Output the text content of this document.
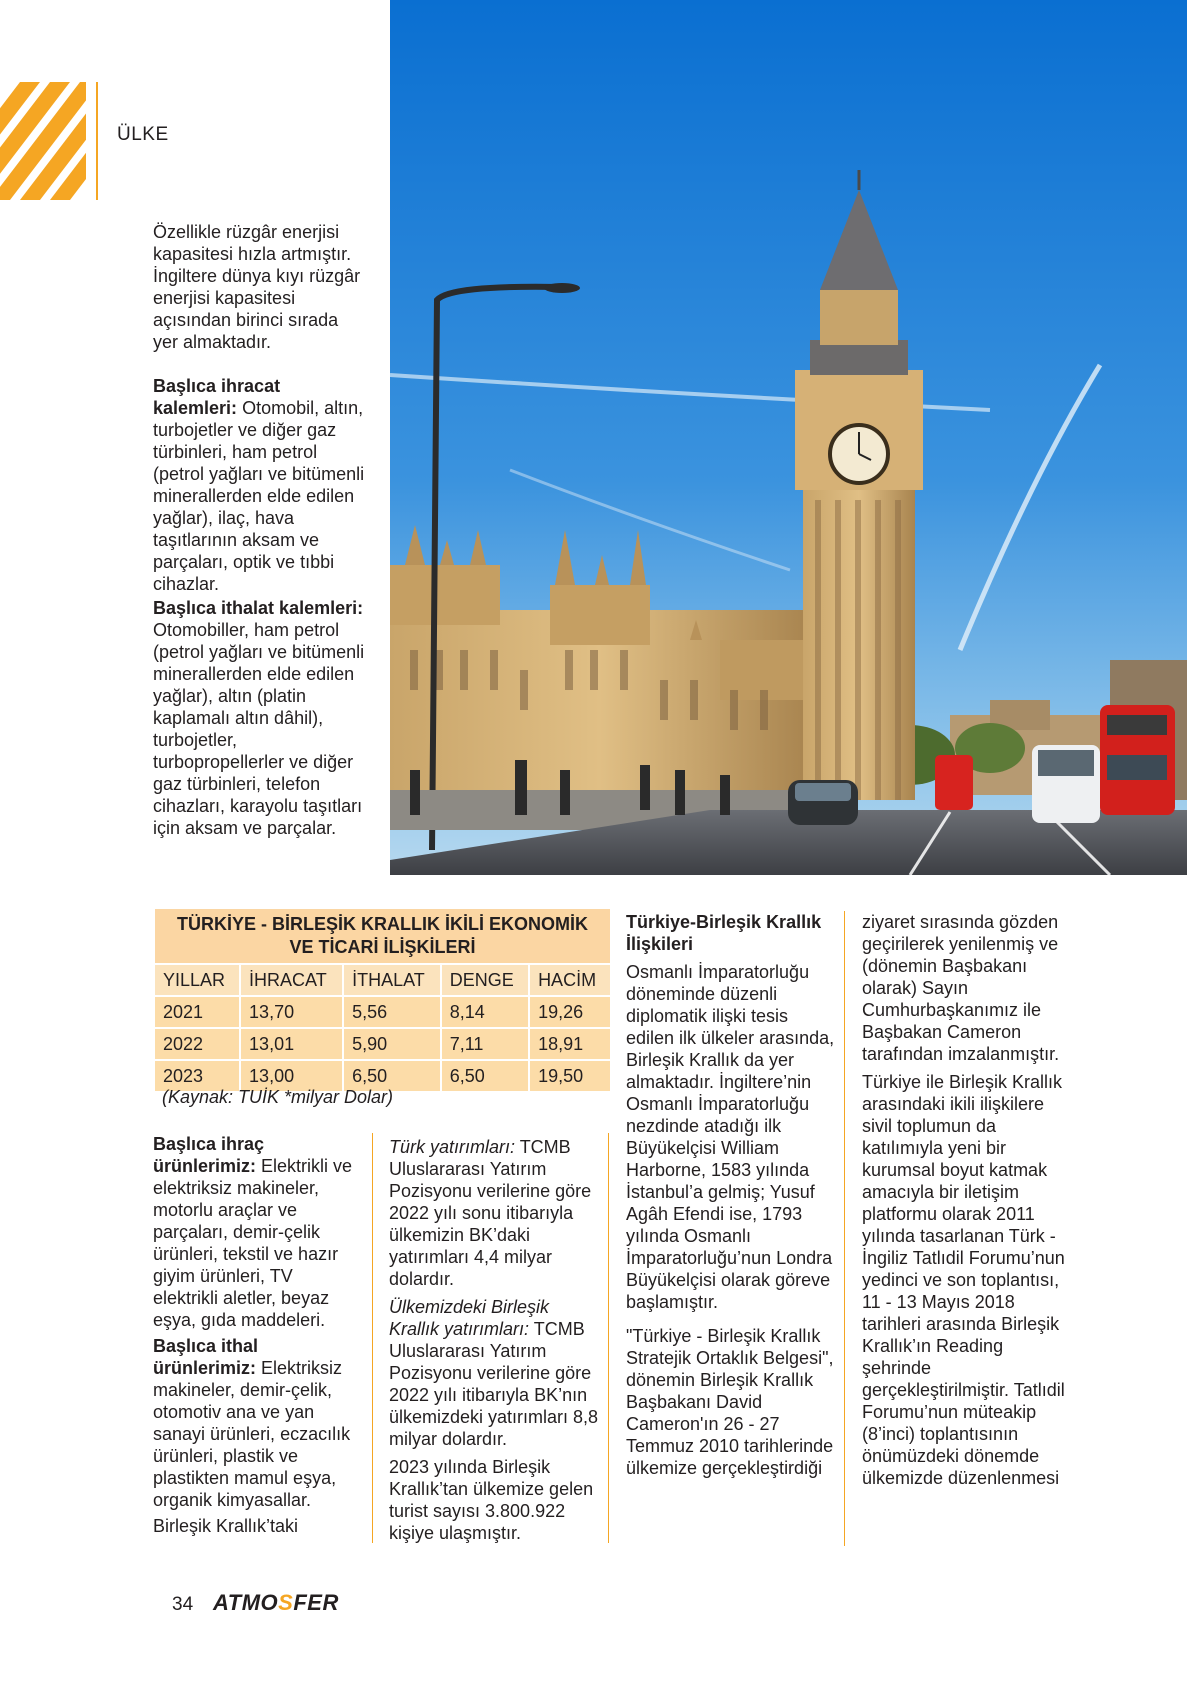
ÜLKE

Özellikle rüzgâr enerjisi kapasitesi hızla artmıştır. İngiltere dünya kıyı rüzgâr enerjisi kapasitesi açısından birinci sırada yer almaktadır.

Başlıca ihracat kalemleri: Otomobil, altın, turbojetler ve diğer gaz türbinleri, ham petrol (petrol yağları ve bitümenli minerallerden elde edilen yağlar), ilaç, hava taşıtlarının aksam ve parçaları, optik ve tıbbi cihazlar.

Başlıca ithalat kalemleri: Otomobiller, ham petrol (petrol yağları ve bitümenli minerallerden elde edilen yağlar), altın (platin kaplamalı altın dâhil), turbojetler, turbopropellerler ve diğer gaz türbinleri, telefon cihazları, karayolu taşıtları için aksam ve parçalar.

TÜRKİYE - BİRLEŞİK KRALLIK İKİLİ EKONOMİK
VE TİCARİ İLİŞKİLERİ				
YILLAR	İHRACAT	İTHALAT	DENGE	HACİM
2021	13,70	5,56	8,14	19,26
2022	13,01	5,90	7,11	18,91
2023	13,00	6,50	6,50	19,50
(Kaynak: TUİK *milyar Dolar)

Başlıca ihraç ürünlerimiz: Elektrikli ve elektriksiz makineler, motorlu araçlar ve parçaları, demir-çelik ürünleri, tekstil ve hazır giyim ürünleri, TV elektrikli aletler, beyaz eşya, gıda maddeleri.

Başlıca ithal ürünlerimiz: Elektriksiz makineler, demir-çelik, otomotiv ana ve yan sanayi ürünleri, eczacılık ürünleri, plastik ve plastikten mamul eşya, organik kimyasallar.

Birleşik Krallık’taki

Türk yatırımları: TCMB Uluslararası Yatırım Pozisyonu verilerine göre 2022 yılı sonu itibarıyla ülkemizin BK’daki yatırımları 4,4 milyar dolardır.

Ülkemizdeki Birleşik Krallık yatırımları: TCMB Uluslararası Yatırım Pozisyonu verilerine göre 2022 yılı itibarıyla BK’nın ülkemizdeki yatırımları 8,8 milyar dolardır.

2023 yılında Birleşik Krallık’tan ülkemize gelen turist sayısı 3.800.922 kişiye ulaşmıştır.

Türkiye-Birleşik Krallık İlişkileri

Osmanlı İmparatorluğu döneminde düzenli diplomatik ilişki tesis edilen ilk ülkeler arasında, Birleşik Krallık da yer almaktadır. İngiltere’nin Osmanlı İmparatorluğu nezdinde atadığı ilk Büyükelçisi William Harborne, 1583 yılında İstanbul’a gelmiş; Yusuf Agâh Efendi ise, 1793 yılında Osmanlı İmparatorluğu’nun Londra Büyükelçisi olarak göreve başlamıştır.

"Türkiye - Birleşik Krallık Stratejik Ortaklık Belgesi", dönemin Birleşik Krallık Başbakanı David Cameron'ın 26 - 27 Temmuz 2010 tarihlerinde ülkemize gerçekleştirdiği

ziyaret sırasında gözden geçirilerek yenilenmiş ve (dönemin Başbakanı olarak) Sayın Cumhurbaşkanımız ile Başbakan Cameron tarafından imzalanmıştır.

Türkiye ile Birleşik Krallık arasındaki ikili ilişkilere sivil toplumun da katılımıyla yeni bir kurumsal boyut katmak amacıyla bir iletişim platformu olarak 2011 yılında tasarlanan Türk - İngiliz Tatlıdil Forumu’nun yedinci ve son toplantısı, 11 - 13 Mayıs 2018 tarihleri arasında Birleşik Krallık’ın Reading şehrinde gerçekleştirilmiştir. Tatlıdil Forumu’nun müteakip (8’inci) toplantısının önümüzdeki dönemde ülkemizde düzenlenmesi

34 ATMOSFER
